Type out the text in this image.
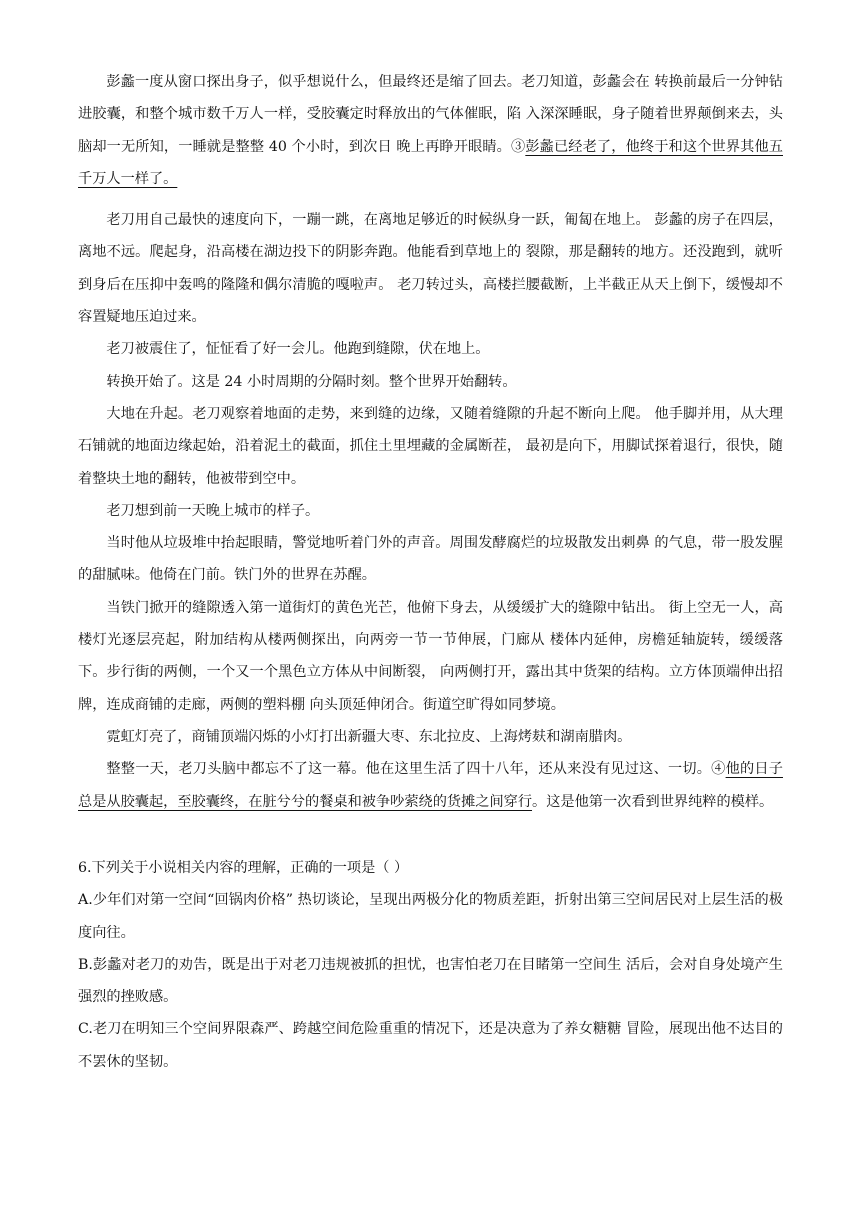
彭蠡一度从窗口探出身子，似乎想说什么，但最终还是缩了回去。老刀知道，彭蠡会在 转换前最后一分钟钻进胶囊，和整个城市数千万人一样，受胶囊定时释放出的气体催眠，陷 入深深睡眠，身子随着世界颠倒来去，头脑却一无所知，一睡就是整整 40 个小时，到次日 晚上再睁开眼睛。③彭蠡已经老了，他终于和这个世界其他五千万人一样了。

老刀用自己最快的速度向下，一蹦一跳，在离地足够近的时候纵身一跃，匍匐在地上。 彭蠡的房子在四层，离地不远。爬起身，沿高楼在湖边投下的阴影奔跑。他能看到草地上的 裂隙，那是翻转的地方。还没跑到，就听到身后在压抑中轰鸣的隆隆和偶尔清脆的嘎啦声。 老刀转过头，高楼拦腰截断，上半截正从天上倒下，缓慢却不容置疑地压迫过来。

老刀被震住了，怔怔看了好一会儿。他跑到缝隙，伏在地上。

转换开始了。这是 24 小时周期的分隔时刻。整个世界开始翻转。

大地在升起。老刀观察着地面的走势，来到缝的边缘，又随着缝隙的升起不断向上爬。 他手脚并用，从大理石铺就的地面边缘起始，沿着泥土的截面，抓住土里埋藏的金属断茬， 最初是向下，用脚试探着退行，很快，随着整块土地的翻转，他被带到空中。

老刀想到前一天晚上城市的样子。

当时他从垃圾堆中抬起眼睛，警觉地听着门外的声音。周围发酵腐烂的垃圾散发出刺鼻 的气息，带一股发腥的甜腻味。他倚在门前。铁门外的世界在苏醒。

当铁门掀开的缝隙透入第一道街灯的黄色光芒，他俯下身去，从缓缓扩大的缝隙中钻出。 街上空无一人，高楼灯光逐层亮起，附加结构从楼两侧探出，向两旁一节一节伸展，门廊从 楼体内延伸，房檐延轴旋转，缓缓落下。步行街的两侧，一个又一个黑色立方体从中间断裂， 向两侧打开，露出其中货架的结构。立方体顶端伸出招牌，连成商铺的走廊，两侧的塑料棚 向头顶延伸闭合。街道空旷得如同梦境。

霓虹灯亮了，商铺顶端闪烁的小灯打出新疆大枣、东北拉皮、上海烤麸和湖南腊肉。

整整一天，老刀头脑中都忘不了这一幕。他在这里生活了四十八年，还从来没有见过这、一切。④他的日子总是从胶囊起，至胶囊终，在脏兮兮的餐桌和被争吵萦绕的货摊之间穿行。这是他第一次看到世界纯粹的模样。

6.下列关于小说相关内容的理解，正确的一项是（ ）
A.少年们对第一空间“回锅肉价格” 热切谈论，呈现出两极分化的物质差距，折射出第三空间居民对上层生活的极度向往。
B.彭蠡对老刀的劝告，既是出于对老刀违规被抓的担忧，也害怕老刀在目睹第一空间生 活后，会对自身处境产生强烈的挫败感。
C.老刀在明知三个空间界限森严、跨越空间危险重重的情况下，还是决意为了养女糖糖 冒险，展现出他不达目的不罢休的坚韧。
